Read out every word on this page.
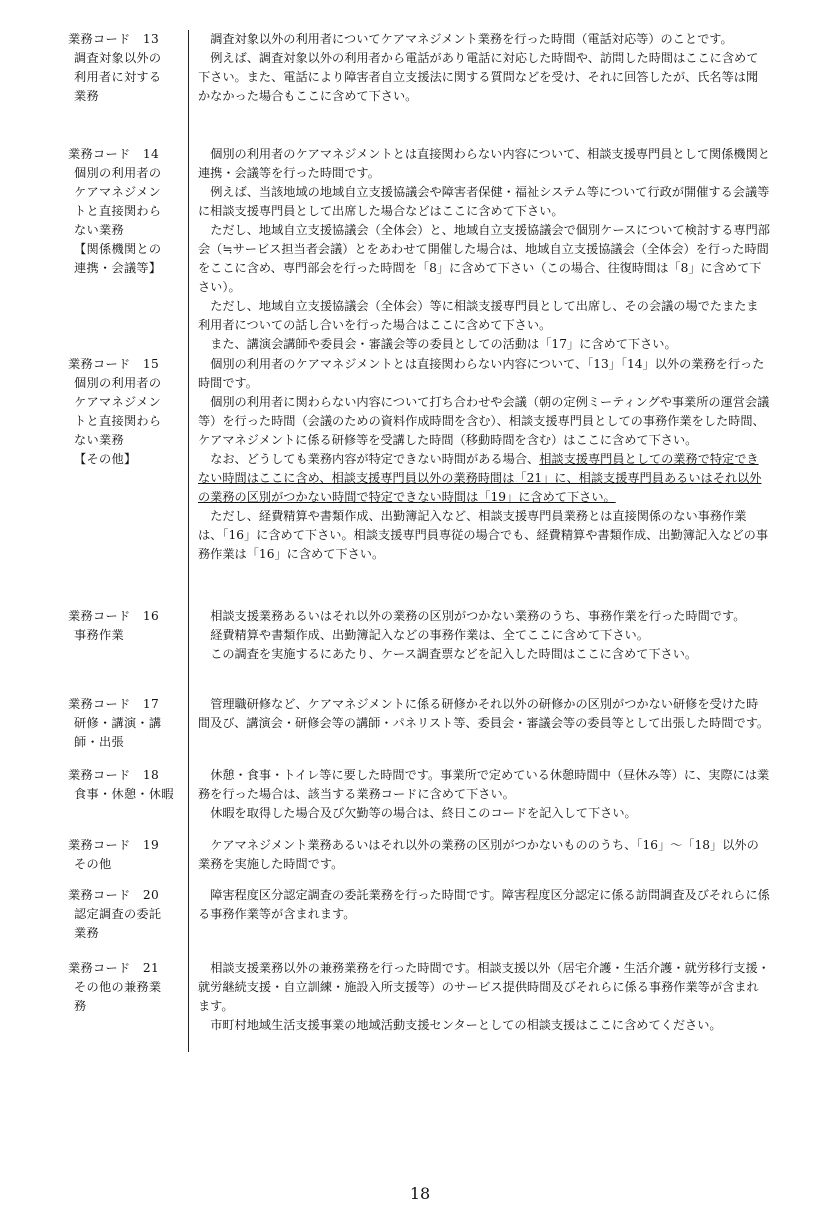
業務コード　13
調査対象以外の
利用者に対する
業務

調査対象以外の利用者についてケアマネジメント業務を行った時間（電話対応等）のことです。

例えば、調査対象以外の利用者から電話があり電話に対応した時間や、訪問した時間はここに含めて下さい。また、電話により障害者自立支援法に関する質問などを受け、それに回答したが、氏名等は聞かなかった場合もここに含めて下さい。

業務コード　14
個別の利用者の
ケアマネジメン
トと直接関わら
ない業務
【関係機関との
連携・会議等】

個別の利用者のケアマネジメントとは直接関わらない内容について、相談支援専門員として関係機関と連携・会議等を行った時間です。

例えば、当該地域の地域自立支援協議会や障害者保健・福祉システム等について行政が開催する会議等に相談支援専門員として出席した場合などはここに含めて下さい。

ただし、地域自立支援協議会（全体会）と、地域自立支援協議会で個別ケースについて検討する専門部会（≒サービス担当者会議）とをあわせて開催した場合は、地域自立支援協議会（全体会）を行った時間をここに含め、専門部会を行った時間を「8」に含めて下さい（この場合、往復時間は「8」に含めて下さい）。

ただし、地域自立支援協議会（全体会）等に相談支援専門員として出席し、その会議の場でたまたま利用者についての話し合いを行った場合はここに含めて下さい。

また、講演会講師や委員会・審議会等の委員としての活動は「17」に含めて下さい。

業務コード　15
個別の利用者の
ケアマネジメン
トと直接関わら
ない業務
【その他】

個別の利用者のケアマネジメントとは直接関わらない内容について、「13」「14」以外の業務を行った時間です。

個別の利用者に関わらない内容について打ち合わせや会議（朝の定例ミーティングや事業所の運営会議等）を行った時間（会議のための資料作成時間を含む）、相談支援専門員としての事務作業をした時間、ケアマネジメントに係る研修等を受講した時間（移動時間を含む）はここに含めて下さい。

なお、どうしても業務内容が特定できない時間がある場合、相談支援専門員としての業務で特定できない時間はここに含め、相談支援専門員以外の業務時間は「21」に、相談支援専門員あるいはそれ以外の業務の区別がつかない時間で特定できない時間は「19」に含めて下さい。

ただし、経費精算や書類作成、出勤簿記入など、相談支援専門員業務とは直接関係のない事務作業は、「16」に含めて下さい。相談支援専門員専従の場合でも、経費精算や書類作成、出勤簿記入などの事務作業は「16」に含めて下さい。

業務コード　16
事務作業

相談支援業務あるいはそれ以外の業務の区別がつかない業務のうち、事務作業を行った時間です。

経費精算や書類作成、出勤簿記入などの事務作業は、全てここに含めて下さい。

この調査を実施するにあたり、ケース調査票などを記入した時間はここに含めて下さい。

業務コード　17
研修・講演・講
師・出張

管理職研修など、ケアマネジメントに係る研修かそれ以外の研修かの区別がつかない研修を受けた時間及び、講演会・研修会等の講師・パネリスト等、委員会・審議会等の委員等として出張した時間です。

業務コード　18
食事・休憩・休暇

休憩・食事・トイレ等に要した時間です。事業所で定めている休憩時間中（昼休み等）に、実際には業務を行った場合は、該当する業務コードに含めて下さい。

休暇を取得した場合及び欠勤等の場合は、終日このコードを記入して下さい。

業務コード　19
その他

ケアマネジメント業務あるいはそれ以外の業務の区別がつかないもののうち、「16」～「18」以外の業務を実施した時間です。

業務コード　20
認定調査の委託
業務

障害程度区分認定調査の委託業務を行った時間です。障害程度区分認定に係る訪問調査及びそれらに係る事務作業等が含まれます。

業務コード　21
その他の兼務業
務

相談支援業務以外の兼務業務を行った時間です。相談支援以外（居宅介護・生活介護・就労移行支援・就労継続支援・自立訓練・施設入所支援等）のサービス提供時間及びそれらに係る事務作業等が含まれます。

市町村地域生活支援事業の地域活動支援センターとしての相談支援はここに含めてください。

18
